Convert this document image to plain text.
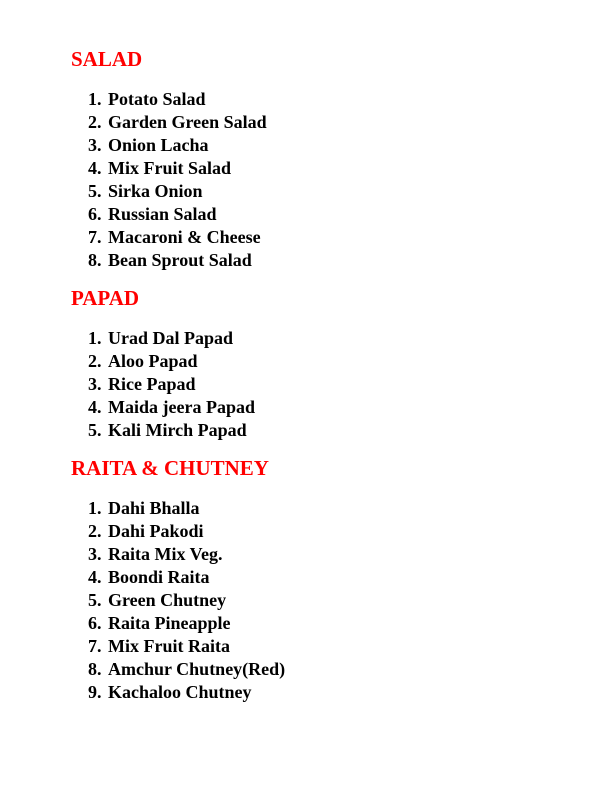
SALAD
1. Potato Salad
2. Garden Green Salad
3. Onion Lacha
4. Mix Fruit Salad
5. Sirka Onion
6. Russian Salad
7. Macaroni & Cheese
8. Bean Sprout Salad
PAPAD
1. Urad Dal Papad
2. Aloo Papad
3. Rice Papad
4. Maida jeera Papad
5. Kali Mirch Papad
RAITA & CHUTNEY
1. Dahi Bhalla
2. Dahi Pakodi
3. Raita Mix Veg.
4. Boondi Raita
5. Green Chutney
6. Raita Pineapple
7. Mix Fruit Raita
8. Amchur Chutney(Red)
9. Kachaloo Chutney
